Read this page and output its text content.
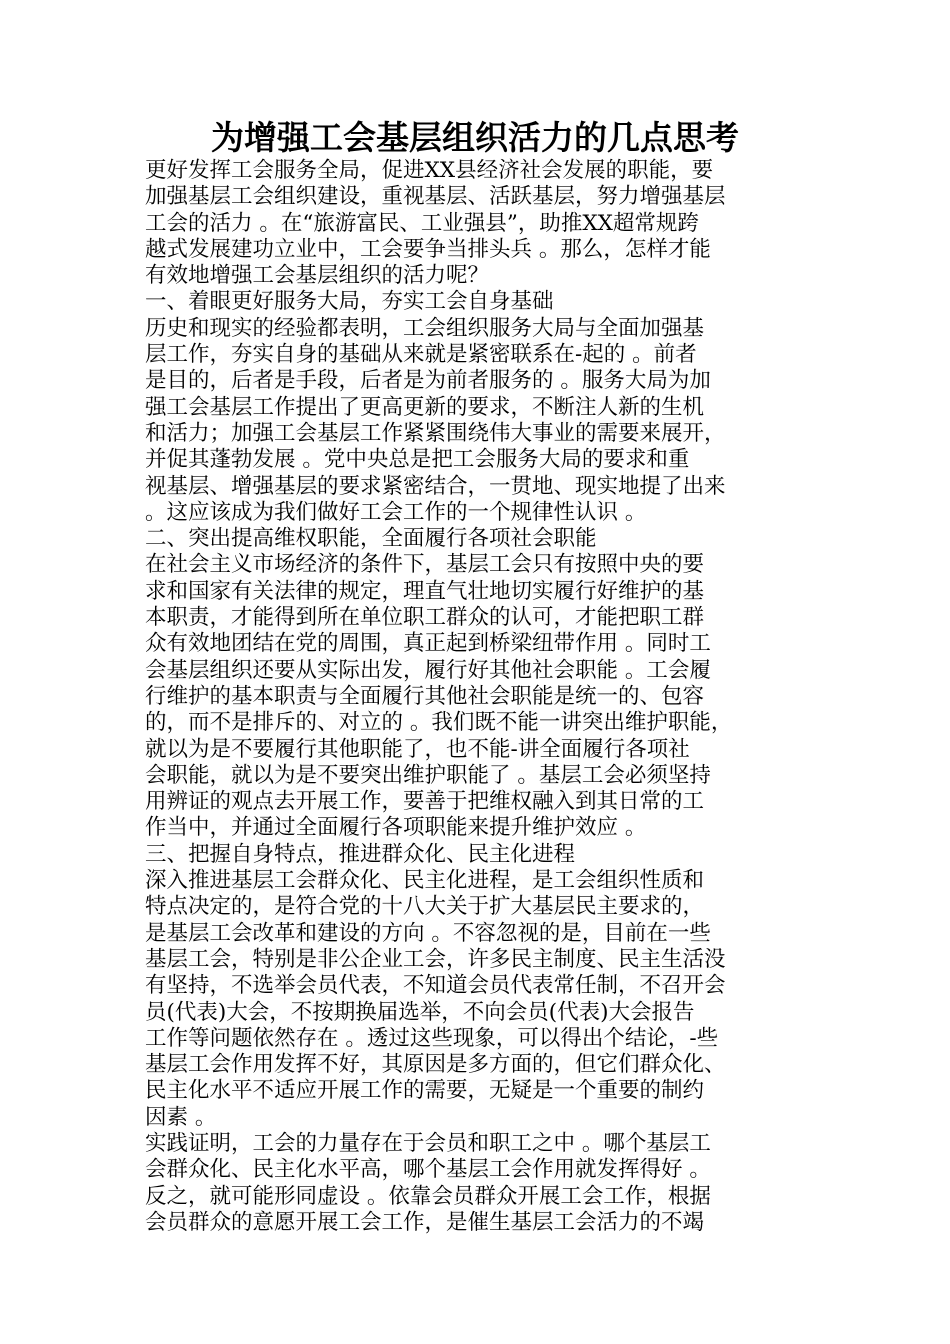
为增强工会基层组织活力的几点思考
更好发挥工会服务全局，促进XX县经济社会发展的职能，要
加强基层工会组织建设，重视基层、活跃基层，努力增强基层
工会的活力 。在“旅游富民、工业强县”，助推XX超常规跨
越式发展建功立业中，工会要争当排头兵 。那么，怎样才能
有效地增强工会基层组织的活力呢？
一、着眼更好服务大局，夯实工会自身基础
历史和现实的经验都表明，工会组织服务大局与全面加强基
层工作，夯实自身的基础从来就是紧密联系在-起的 。前者
是目的，后者是手段，后者是为前者服务的 。服务大局为加
强工会基层工作提出了更高更新的要求，不断注人新的生机
和活力；加强工会基层工作紧紧围绕伟大事业的需要来展开，
并促其蓬勃发展 。党中央总是把工会服务大局的要求和重
视基层、增强基层的要求紧密结合，一贯地、现实地提了出来
。这应该成为我们做好工会工作的一个规律性认识 。
二、突出提高维权职能，全面履行各项社会职能
在社会主义市场经济的条件下，基层工会只有按照中央的要
求和国家有关法律的规定，理直气壮地切实履行好维护的基
本职责，才能得到所在单位职工群众的认可，才能把职工群
众有效地团结在党的周围，真正起到桥梁纽带作用 。同时工
会基层组织还要从实际出发，履行好其他社会职能 。工会履
行维护的基本职责与全面履行其他社会职能是统一的、包容
的，而不是排斥的、对立的 。我们既不能一讲突出维护职能，
就以为是不要履行其他职能了，也不能-讲全面履行各项社
会职能，就以为是不要突出维护职能了 。基层工会必须坚持
用辨证的观点去开展工作，要善于把维权融入到其日常的工
作当中，并通过全面履行各项职能来提升维护效应 。
三、把握自身特点，推进群众化、民主化进程
深入推进基层工会群众化、民主化进程，是工会组织性质和
特点决定的，是符合党的十八大关于扩大基层民主要求的，
是基层工会改革和建设的方向 。不容忽视的是，目前在一些
基层工会，特别是非公企业工会，许多民主制度、民主生活没
有坚持，不选举会员代表，不知道会员代表常任制，不召开会
员(代表)大会，不按期换届选举，不向会员(代表)大会报告
工作等问题依然存在 。透过这些现象，可以得出个结论，-些
基层工会作用发挥不好，其原因是多方面的，但它们群众化、
民主化水平不适应开展工作的需要，无疑是一个重要的制约
因素 。
实践证明，工会的力量存在于会员和职工之中 。哪个基层工
会群众化、民主化水平高，哪个基层工会作用就发挥得好 。
反之，就可能形同虚设 。依靠会员群众开展工会工作，根据
会员群众的意愿开展工会工作，是催生基层工会活力的不竭
